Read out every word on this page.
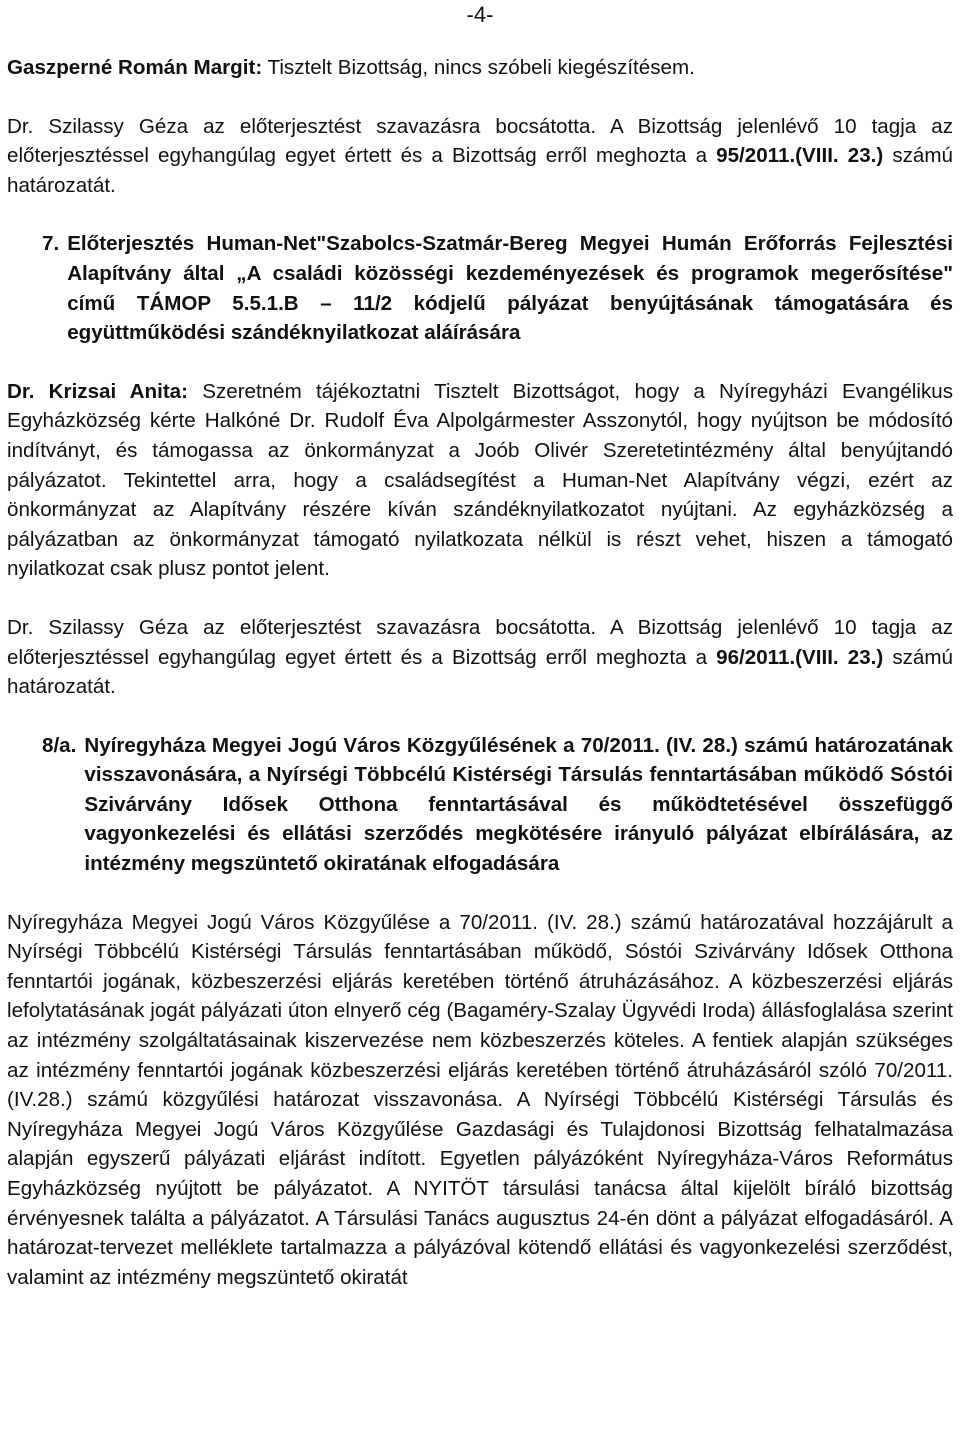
-4-

Gaszperné Román Margit: Tisztelt Bizottság, nincs szóbeli kiegészítésem.

Dr. Szilassy Géza az előterjesztést szavazásra bocsátotta. A Bizottság jelenlévő 10 tagja az előterjesztéssel egyhangúlag egyet értett és a Bizottság erről meghozta a 95/2011.(VIII. 23.) számú határozatát.

7. Előterjesztés Human-Net"Szabolcs-Szatmár-Bereg Megyei Humán Erőforrás Fejlesztési Alapítvány által „A családi közösségi kezdeményezések és programok megerősítése" című TÁMOP 5.5.1.B – 11/2 kódjelű pályázat benyújtásának támogatására és együttműködési szándéknyilatkozat aláírására

Dr. Krizsai Anita: Szeretném tájékoztatni Tisztelt Bizottságot, hogy a Nyíregyházi Evangélikus Egyházközség kérte Halkóné Dr. Rudolf Éva Alpolgármester Asszonytól, hogy nyújtson be módosító indítványt, és támogassa az önkormányzat a Joób Olivér Szeretetintézmény által benyújtandó pályázatot. Tekintettel arra, hogy a családsegítést a Human-Net Alapítvány végzi, ezért az önkormányzat az Alapítvány részére kíván szándéknyilatkozatot nyújtani. Az egyházközség a pályázatban az önkormányzat támogató nyilatkozata nélkül is részt vehet, hiszen a támogató nyilatkozat csak plusz pontot jelent.

Dr. Szilassy Géza az előterjesztést szavazásra bocsátotta. A Bizottság jelenlévő 10 tagja az előterjesztéssel egyhangúlag egyet értett és a Bizottság erről meghozta a 96/2011.(VIII. 23.) számú határozatát.

8/a. Nyíregyháza Megyei Jogú Város Közgyűlésének a 70/2011. (IV. 28.) számú határozatának visszavonására, a Nyírségi Többcélú Kistérségi Társulás fenntartásában működő Sóstói Szivárvány Idősek Otthona fenntartásával és működtetésével összefüggő vagyonkezelési és ellátási szerződés megkötésére irányuló pályázat elbírálására, az intézmény megszüntető okiratának elfogadására

Nyíregyháza Megyei Jogú Város Közgyűlése a 70/2011. (IV. 28.) számú határozatával hozzájárult a Nyírségi Többcélú Kistérségi Társulás fenntartásában működő, Sóstói Szivárvány Idősek Otthona fenntartói jogának, közbeszerzési eljárás keretében történő átruházásához. A közbeszerzési eljárás lefolytatásának jogát pályázati úton elnyerő cég (Bagaméry-Szalay Ügyvédi Iroda) állásfoglalása szerint az intézmény szolgáltatásainak kiszervezése nem közbeszerzés köteles. A fentiek alapján szükséges az intézmény fenntartói jogának közbeszerzési eljárás keretében történő átruházásáról szóló 70/2011. (IV.28.) számú közgyűlési határozat visszavonása. A Nyírségi Többcélú Kistérségi Társulás és Nyíregyháza Megyei Jogú Város Közgyűlése Gazdasági és Tulajdonosi Bizottság felhatalmazása alapján egyszerű pályázati eljárást indított. Egyetlen pályázóként Nyíregyháza-Város Református Egyházközség nyújtott be pályázatot. A NYITÖT társulási tanácsa által kijelölt bíráló bizottság érvényesnek találta a pályázatot. A Társulási Tanács augusztus 24-én dönt a pályázat elfogadásáról. A határozat-tervezet melléklete tartalmazza a pályázóval kötendő ellátási és vagyonkezelési szerződést, valamint az intézmény megszüntető okiratát
